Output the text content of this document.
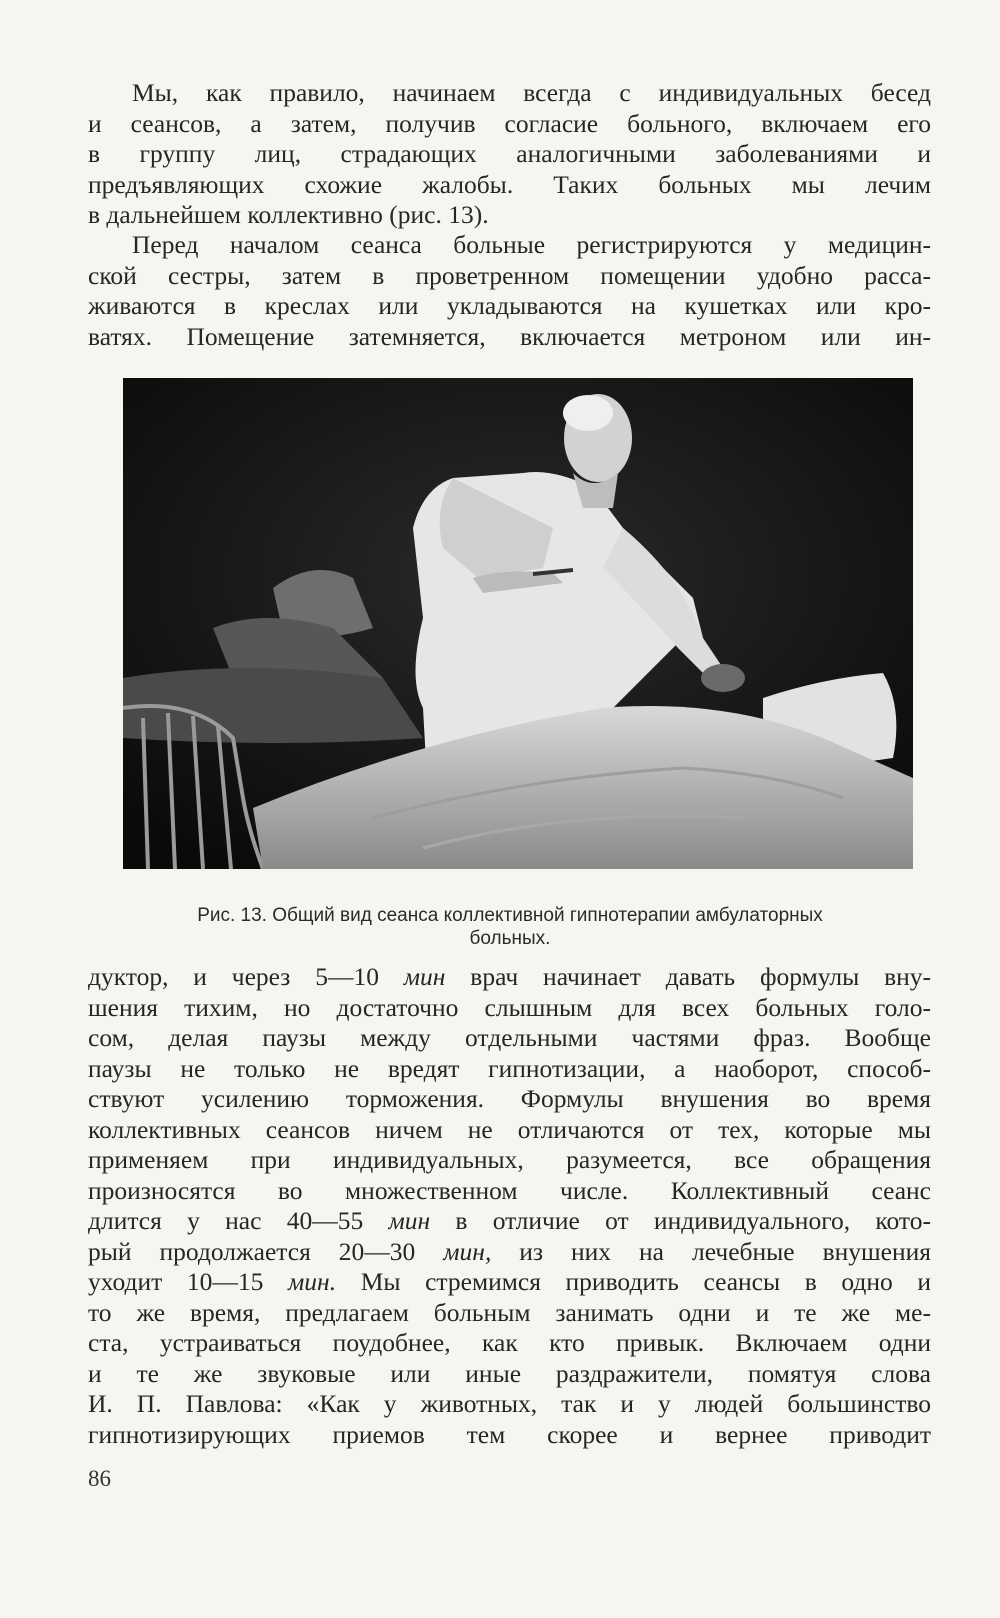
Мы, как правило, начинаем всегда с индивидуальных бесед
и сеансов, а затем, получив согласие больного, включаем его
в группу лиц, страдающих аналогичными заболеваниями и
предъявляющих схожие жалобы. Таких больных мы лечим
в дальнейшем коллективно (рис. 13).
Перед началом сеанса больные регистрируются у медицин-
ской сестры, затем в проветренном помещении удобно расса-
живаются в креслах или укладываются на кушетках или кро-
ватях. Помещение затемняется, включается метроном или ин-
Рис. 13. Общий вид сеанса коллективной гипнотерапии амбулаторных
больных.
дуктор, и через 5—10 мин врач начинает давать формулы вну-
шения тихим, но достаточно слышным для всех больных голо-
сом, делая паузы между отдельными частями фраз. Вообще
паузы не только не вредят гипнотизации, а наоборот, способ-
ствуют усилению торможения. Формулы внушения во время
коллективных сеансов ничем не отличаются от тех, которые мы
применяем при индивидуальных, разумеется, все обращения
произносятся во множественном числе. Коллективный сеанс
длится у нас 40—55 мин в отличие от индивидуального, кото-
рый продолжается 20—30 мин, из них на лечебные внушения
уходит 10—15 мин. Мы стремимся приводить сеансы в одно и
то же время, предлагаем больным занимать одни и те же ме-
ста, устраиваться поудобнее, как кто привык. Включаем одни
и те же звуковые или иные раздражители, помятуя слова
И. П. Павлова: «Как у животных, так и у людей большинство
гипнотизирующих приемов тем скорее и вернее приводит
86
